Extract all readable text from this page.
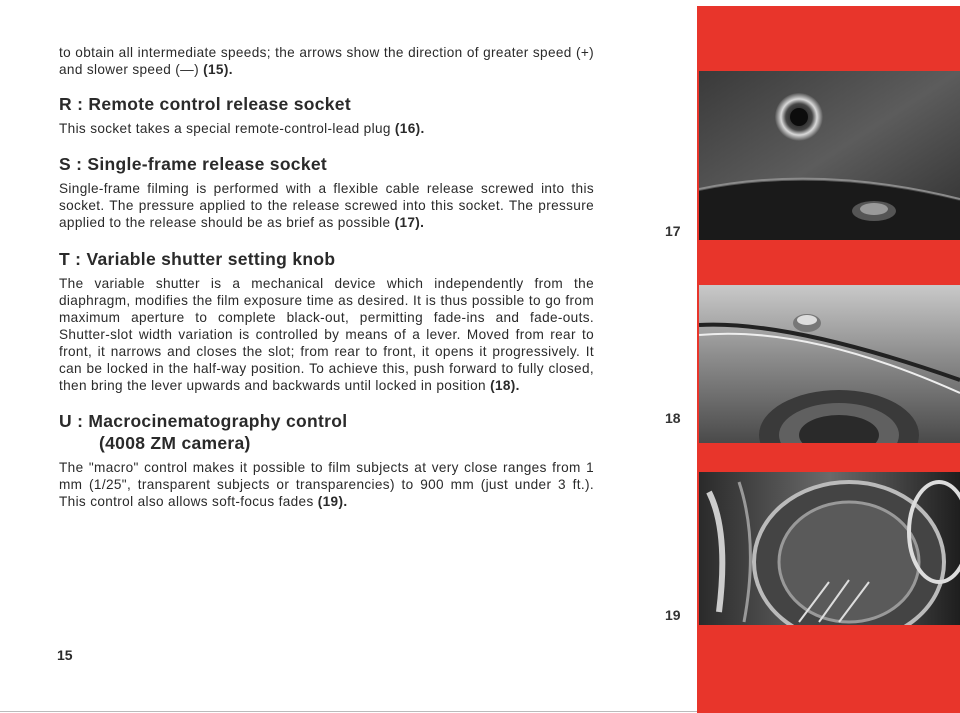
to obtain all intermediate speeds; the arrows show the direction of greater speed (+) and slower speed (—) (15).

R : Remote control release socket

This socket takes a special remote-control-lead plug (16).

S : Single-frame release socket

Single-frame filming is performed with a flexible cable release screwed into this socket. The pressure applied to the release screwed into this socket. The pressure applied to the release should be as brief as possible (17).

T : Variable shutter setting knob

The variable shutter is a mechanical device which independently from the diaphragm, modifies the film exposure time as desired. It is thus possible to go from maximum aperture to complete black-out, permitting fade-ins and fade-outs. Shutter-slot width variation is controlled by means of a lever. Moved from rear to front, it narrows and closes the slot; from rear to front, it opens it progressively. It can be locked in the half-way position. To achieve this, push forward to fully closed, then bring the lever upwards and backwards until locked in position (18).

U : Macrocinematography control
(4008 ZM camera)

The "macro" control makes it possible to film subjects at very close ranges from 1 mm (1/25", transparent subjects or transparencies) to 900 mm (just under 3 ft.). This control also allows soft-focus fades (19).

15
17
18
19
